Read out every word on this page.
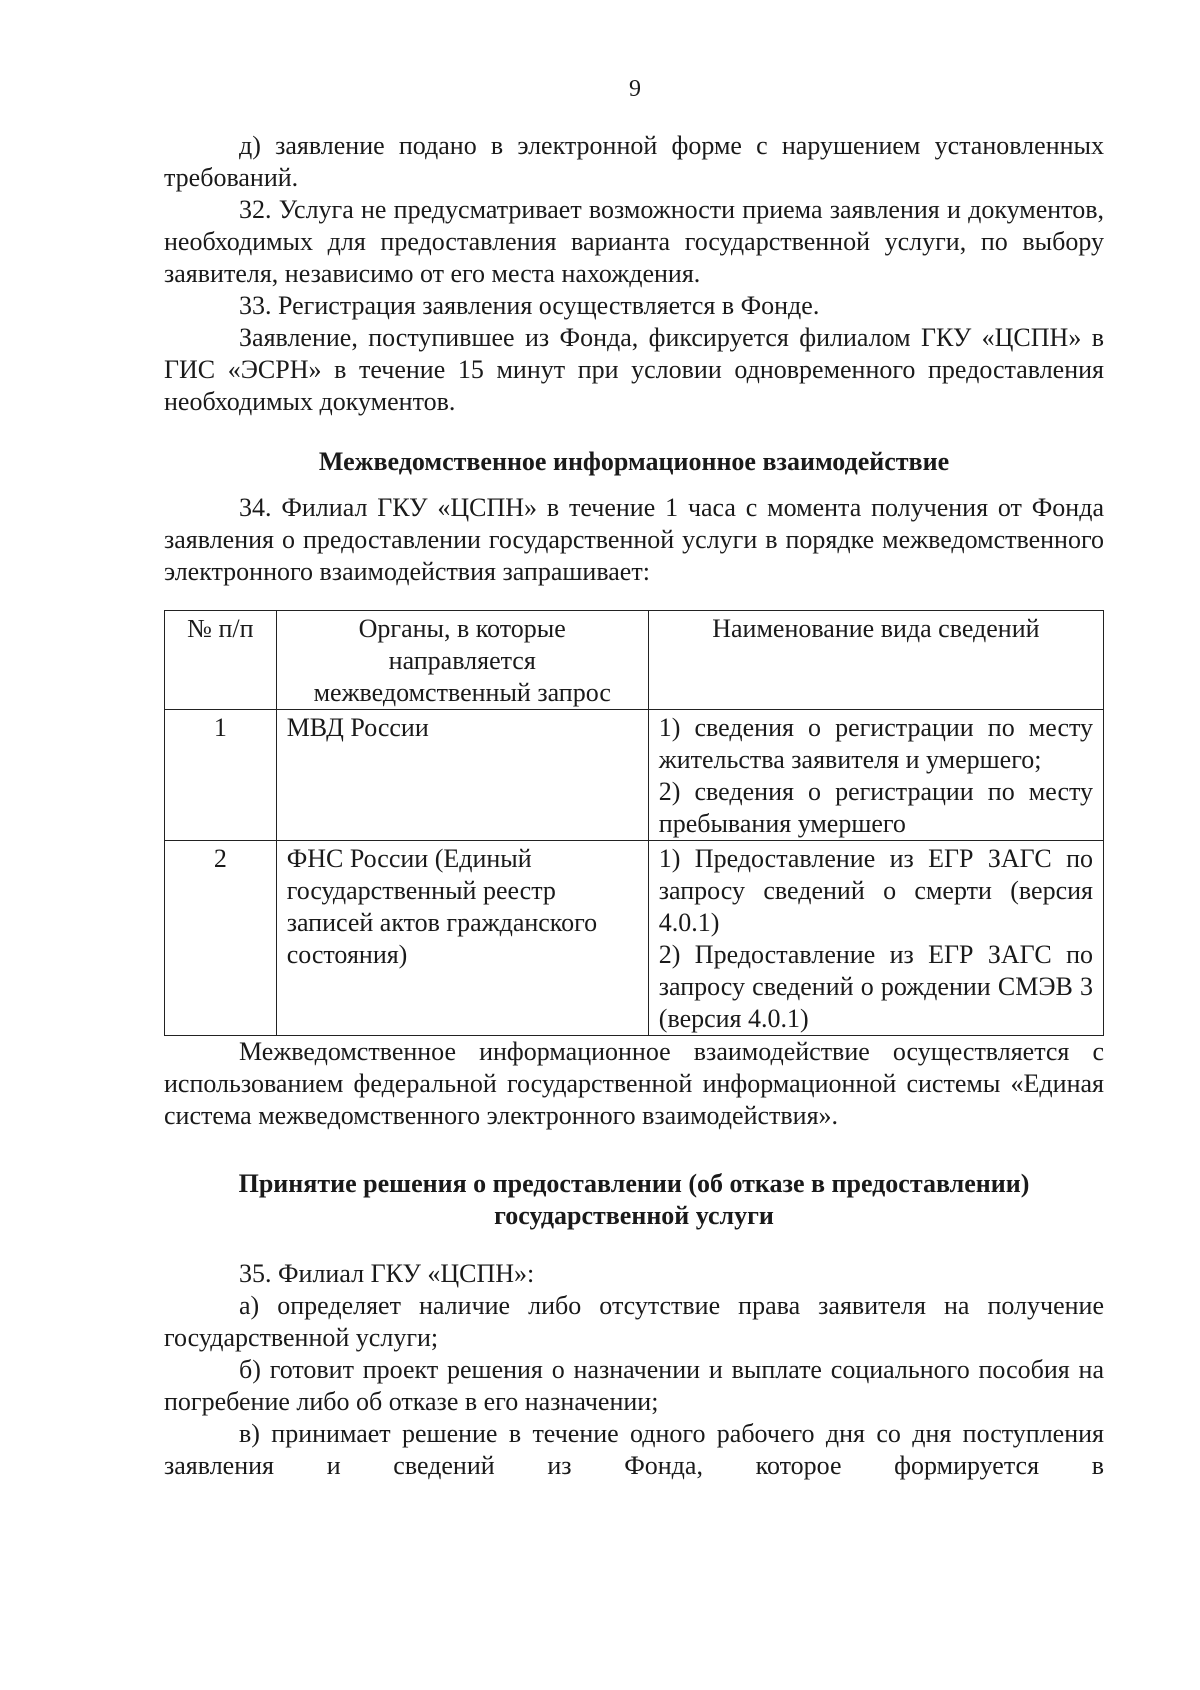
9

д) заявление подано в электронной форме с нарушением установленных требований.

32. Услуга не предусматривает возможности приема заявления и документов, необходимых для предоставления варианта государственной услуги, по выбору заявителя, независимо от его места нахождения.

33. Регистрация заявления осуществляется в Фонде.

Заявление, поступившее из Фонда, фиксируется филиалом ГКУ «ЦСПН» в ГИС «ЭСРН» в течение 15 минут при условии одновременного предоставления необходимых документов.

Межведомственное информационное взаимодействие

34. Филиал ГКУ «ЦСПН» в течение 1 часа с момента получения от Фонда заявления о предоставлении государственной услуги в порядке межведомственного электронного взаимодействия запрашивает:

№ п/п	Органы, в которые направляется межведомственный запрос	Наименование вида сведений
1	МВД России	1) сведения о регистрации по месту жительства заявителя и умершего;
2) сведения о регистрации по месту пребывания умершего

2	ФНС России (Единый государственный реестр записей актов гражданского состояния)	1) Предоставление из ЕГР ЗАГС по запросу сведений о смерти (версия 4.0.1)
2) Предоставление из ЕГР ЗАГС по запросу сведений о рождении СМЭВ 3 (версия 4.0.1)

Межведомственное информационное взаимодействие осуществляется с использованием федеральной государственной информационной системы «Единая система межведомственного электронного взаимодействия».

Принятие решения о предоставлении (об отказе в предоставлении)
государственной услуги

35. Филиал ГКУ «ЦСПН»:

а) определяет наличие либо отсутствие права заявителя на получение государственной услуги;

б) готовит проект решения о назначении и выплате социального пособия на погребение либо об отказе в его назначении;

в) принимает решение в течение одного рабочего дня со дня поступления заявления и сведений из Фонда, которое формируется в
